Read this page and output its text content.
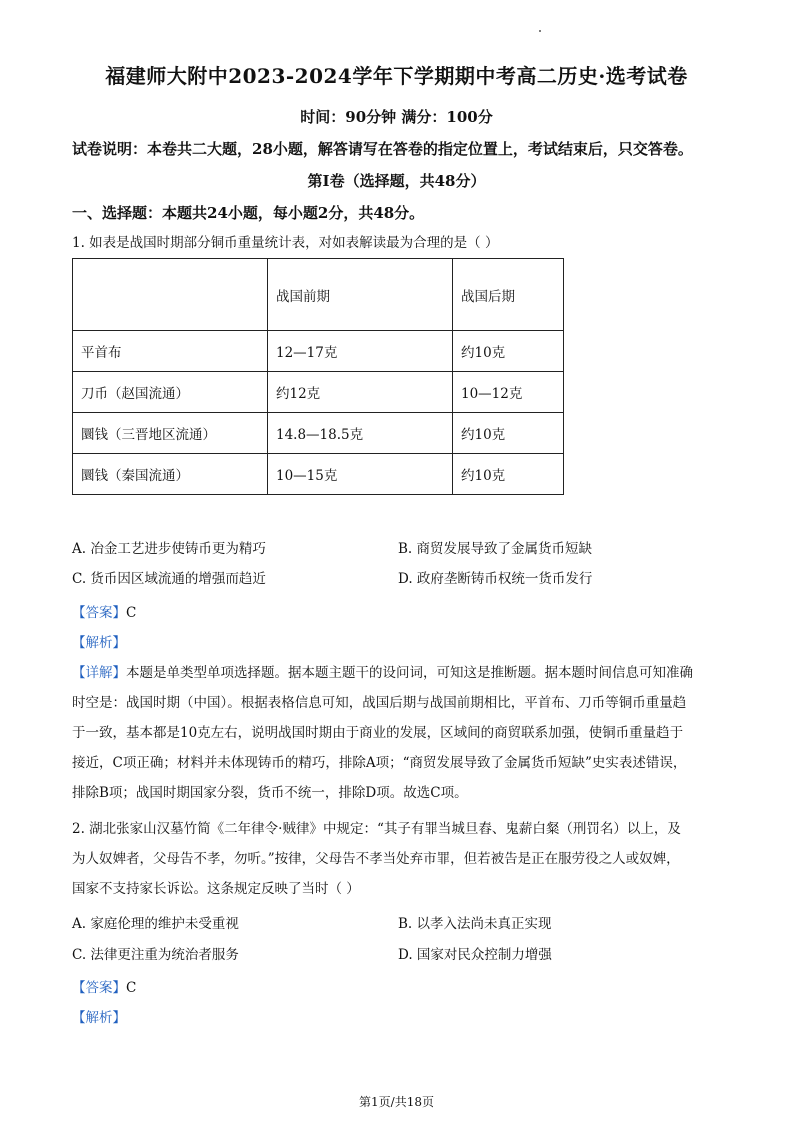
福建师大附中2023-2024学年下学期期中考高二历史·选考试卷
时间：90分钟 满分：100分
试卷说明：本卷共二大题，28小题，解答请写在答卷的指定位置上，考试结束后，只交答卷。
第Ⅰ卷（选择题，共48分）
一、选择题：本题共24小题，每小题2分，共48分。
1. 如表是战国时期部分铜币重量统计表，对如表解读最为合理的是（ ）
	战国前期	战国后期
平首布	12—17克	约10克
刀币（赵国流通）	约12克	10—12克
圜钱（三晋地区流通）	14.8—18.5克	约10克
圜钱（秦国流通）	10—15克	约10克
A. 冶金工艺进步使铸币更为精巧	B. 商贸发展导致了金属货币短缺
C. 货币因区域流通的增强而趋近	D. 政府垄断铸币权统一货币发行
【答案】C
【解析】

【详解】本题是单类型单项选择题。据本题主题干的设问词，可知这是推断题。据本题时间信息可知准确

时空是：战国时期（中国）。根据表格信息可知，战国后期与战国前期相比，平首布、刀币等铜币重量趋

于一致，基本都是10克左右，说明战国时期由于商业的发展，区域间的商贸联系加强，使铜币重量趋于

接近，C项正确；材料并未体现铸币的精巧，排除A项；“商贸发展导致了金属货币短缺”史实表述错误，

排除B项；战国时期国家分裂，货币不统一，排除D项。故选C项。

2. 湖北张家山汉墓竹简《二年律令·贼律》中规定：“其子有罪当城旦舂、鬼薪白粲（刑罚名）以上，及

为人奴婢者，父母告不孝，勿听。”按律，父母告不孝当处弃市罪，但若被告是正在服劳役之人或奴婢，

国家不支持家长诉讼。这条规定反映了当时（ ）

A. 家庭伦理的维护未受重视	B. 以孝入法尚未真正实现
C. 法律更注重为统治者服务	D. 国家对民众控制力增强
【答案】C
【解析】
第1页/共18页
